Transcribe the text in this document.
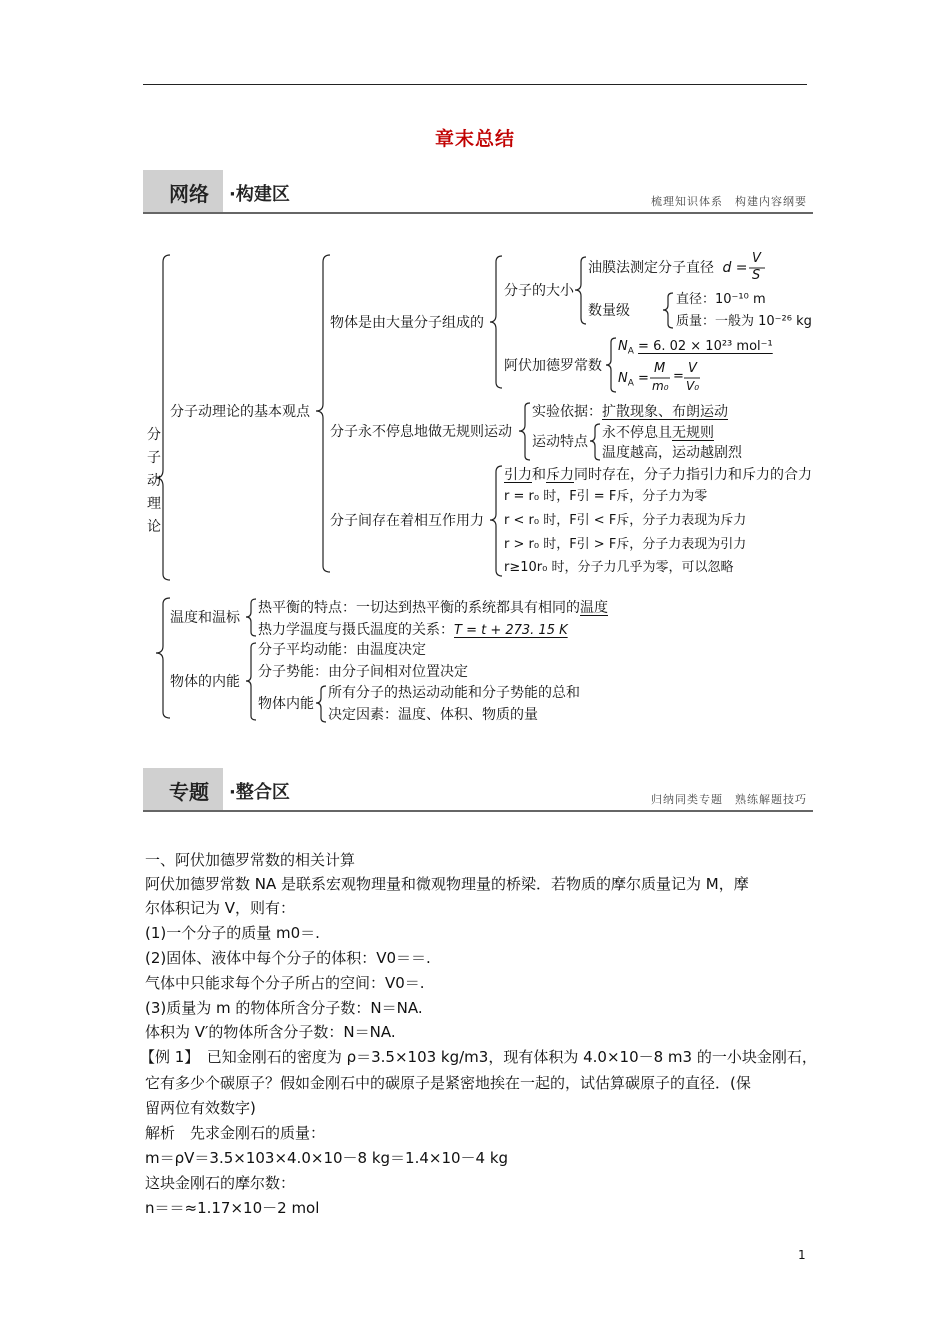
章末总结
网络 ·构建区	梳理知识体系　构建内容纲要
分
子
动
理
论
分子动理论的基本观点
物体是由大量分子组成的
分子的大小
油膜法测定分子直径 d =
V
S
数量级
直径：10⁻¹⁰ m
质量：一般为 10⁻²⁶ kg
阿伏加德罗常数
$N_A = 6$. 02 × 10²³ mol⁻¹
$N_A$ =
M
m₀
=
V
V₀
分子永不停息地做无规则运动
实验依据：扩散现象、布朗运动
运动特点
永不停息且无规则
温度越高，运动越剧烈
分子间存在着相互作用力
引力和斥力同时存在，分子力指引力和斥力的合力
r = r₀ 时，F引 = F斥，分子力为零
r < r₀ 时，F引 < F斥，分子力表现为斥力
r > r₀ 时，F引 > F斥，分子力表现为引力
r≥10r₀ 时，分子力几乎为零，可以忽略
温度和温标
热平衡的特点：一切达到热平衡的系统都具有相同的温度
热力学温度与摄氏温度的关系：T = t + 273. 15 K
物体的内能
分子平均动能：由温度决定
分子势能：由分子间相对位置决定
物体内能
所有分子的热运动动能和分子势能的总和
决定因素：温度、体积、物质的量
专题 ·整合区	归纳同类专题　熟练解题技巧
一、阿伏加德罗常数的相关计算
阿伏加德罗常数 NA 是联系宏观物理量和微观物理量的桥梁．若物质的摩尔质量记为 M，摩
尔体积记为 V，则有：
(1)一个分子的质量 m0＝.
(2)固体、液体中每个分子的体积：V0＝＝.
气体中只能求每个分子所占的空间：V0＝.
(3)质量为 m 的物体所含分子数：N＝NA.
体积为 V′的物体所含分子数：N＝NA.
【例 1】　已知金刚石的密度为 ρ＝3.5×103 kg/m3，现有体积为 4.0×10－8 m3 的一小块金刚石，
它有多少个碳原子？假如金刚石中的碳原子是紧密地挨在一起的，试估算碳原子的直径．(保
留两位有效数字)
解析　先求金刚石的质量：
m＝ρV＝3.5×103×4.0×10－8 kg＝1.4×10－4 kg
这块金刚石的摩尔数：
n＝＝≈1.17×10－2 mol
1
